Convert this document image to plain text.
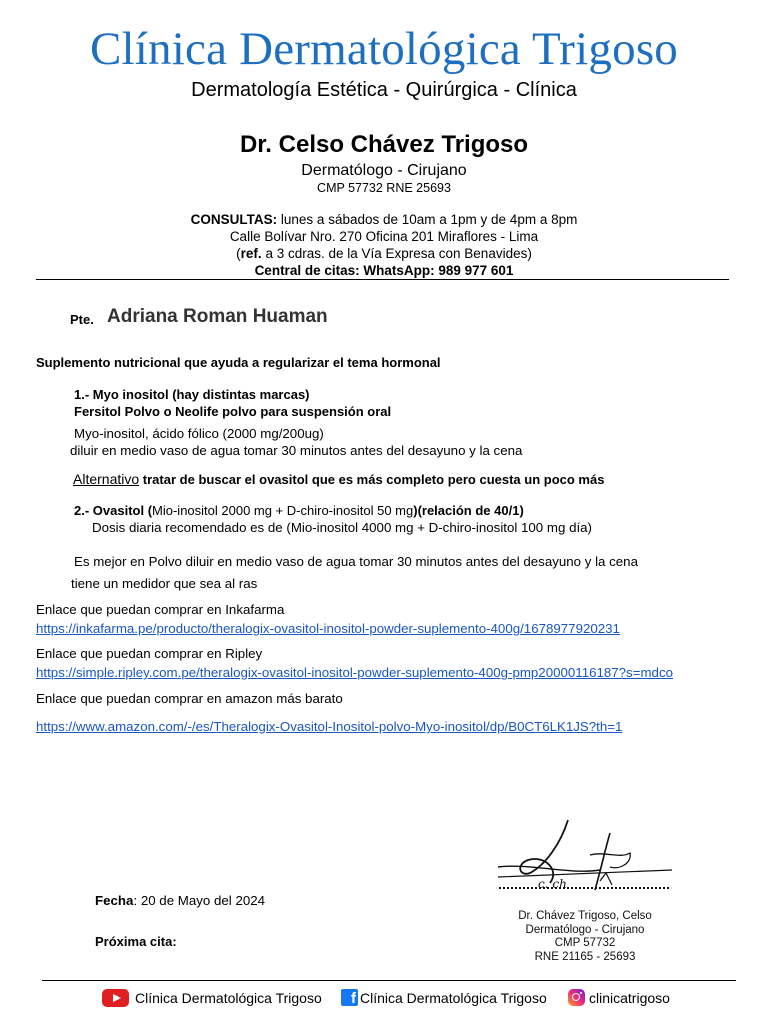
Clínica Dermatológica Trigoso
Dermatología Estética - Quirúrgica - Clínica
Dr. Celso Chávez Trigoso
Dermatólogo - Cirujano
CMP 57732 RNE 25693
CONSULTAS: lunes a sábados de 10am a 1pm y de 4pm a 8pm
Calle Bolívar Nro. 270 Oficina 201 Miraflores - Lima
(ref. a 3 cdras. de la Vía Expresa con Benavides)
Central de citas: WhatsApp: 989 977 601
Pte. Adriana Roman Huaman
Suplemento nutricional que ayuda a regularizar el tema hormonal
1.- Myo inositol (hay distintas marcas)
Fersitol Polvo o Neolife polvo para suspensión oral
Myo-inositol, ácido fólico (2000 mg/200ug)
diluir en medio vaso de agua tomar 30 minutos antes del desayuno y la cena
Alternativo tratar de buscar el ovasitol que es más completo pero cuesta un poco más
2.- Ovasitol (Mio-inositol 2000 mg + D-chiro-inositol 50 mg)(relación de 40/1)
Dosis diaria recomendado es de (Mio-inositol 4000 mg + D-chiro-inositol 100 mg día)
Es mejor en Polvo diluir en medio vaso de agua tomar 30 minutos antes del desayuno y la cena
tiene un medidor que sea al ras
Enlace que puedan comprar en Inkafarma
https://inkafarma.pe/producto/theralogix-ovasitol-inositol-powder-suplemento-400g/1678977920231
Enlace que puedan comprar en Ripley
https://simple.ripley.com.pe/theralogix-ovasitol-inositol-powder-suplemento-400g-pmp20000116187?s=mdco
Enlace que puedan comprar en amazon más barato
https://www.amazon.com/-/es/Theralogix-Ovasitol-Inositol-polvo-Myo-inositol/dp/B0CT6LK1JS?th=1
Fecha: 20 de Mayo del 2024
Próxima cita:
c. ch
Dr. Chávez Trigoso, Celso
Dermatólogo - Cirujano
CMP 57732
RNE 21165 - 25693
Clínica Dermatológica Trigoso	f Clínica Dermatológica Trigoso	clinicatrigoso
